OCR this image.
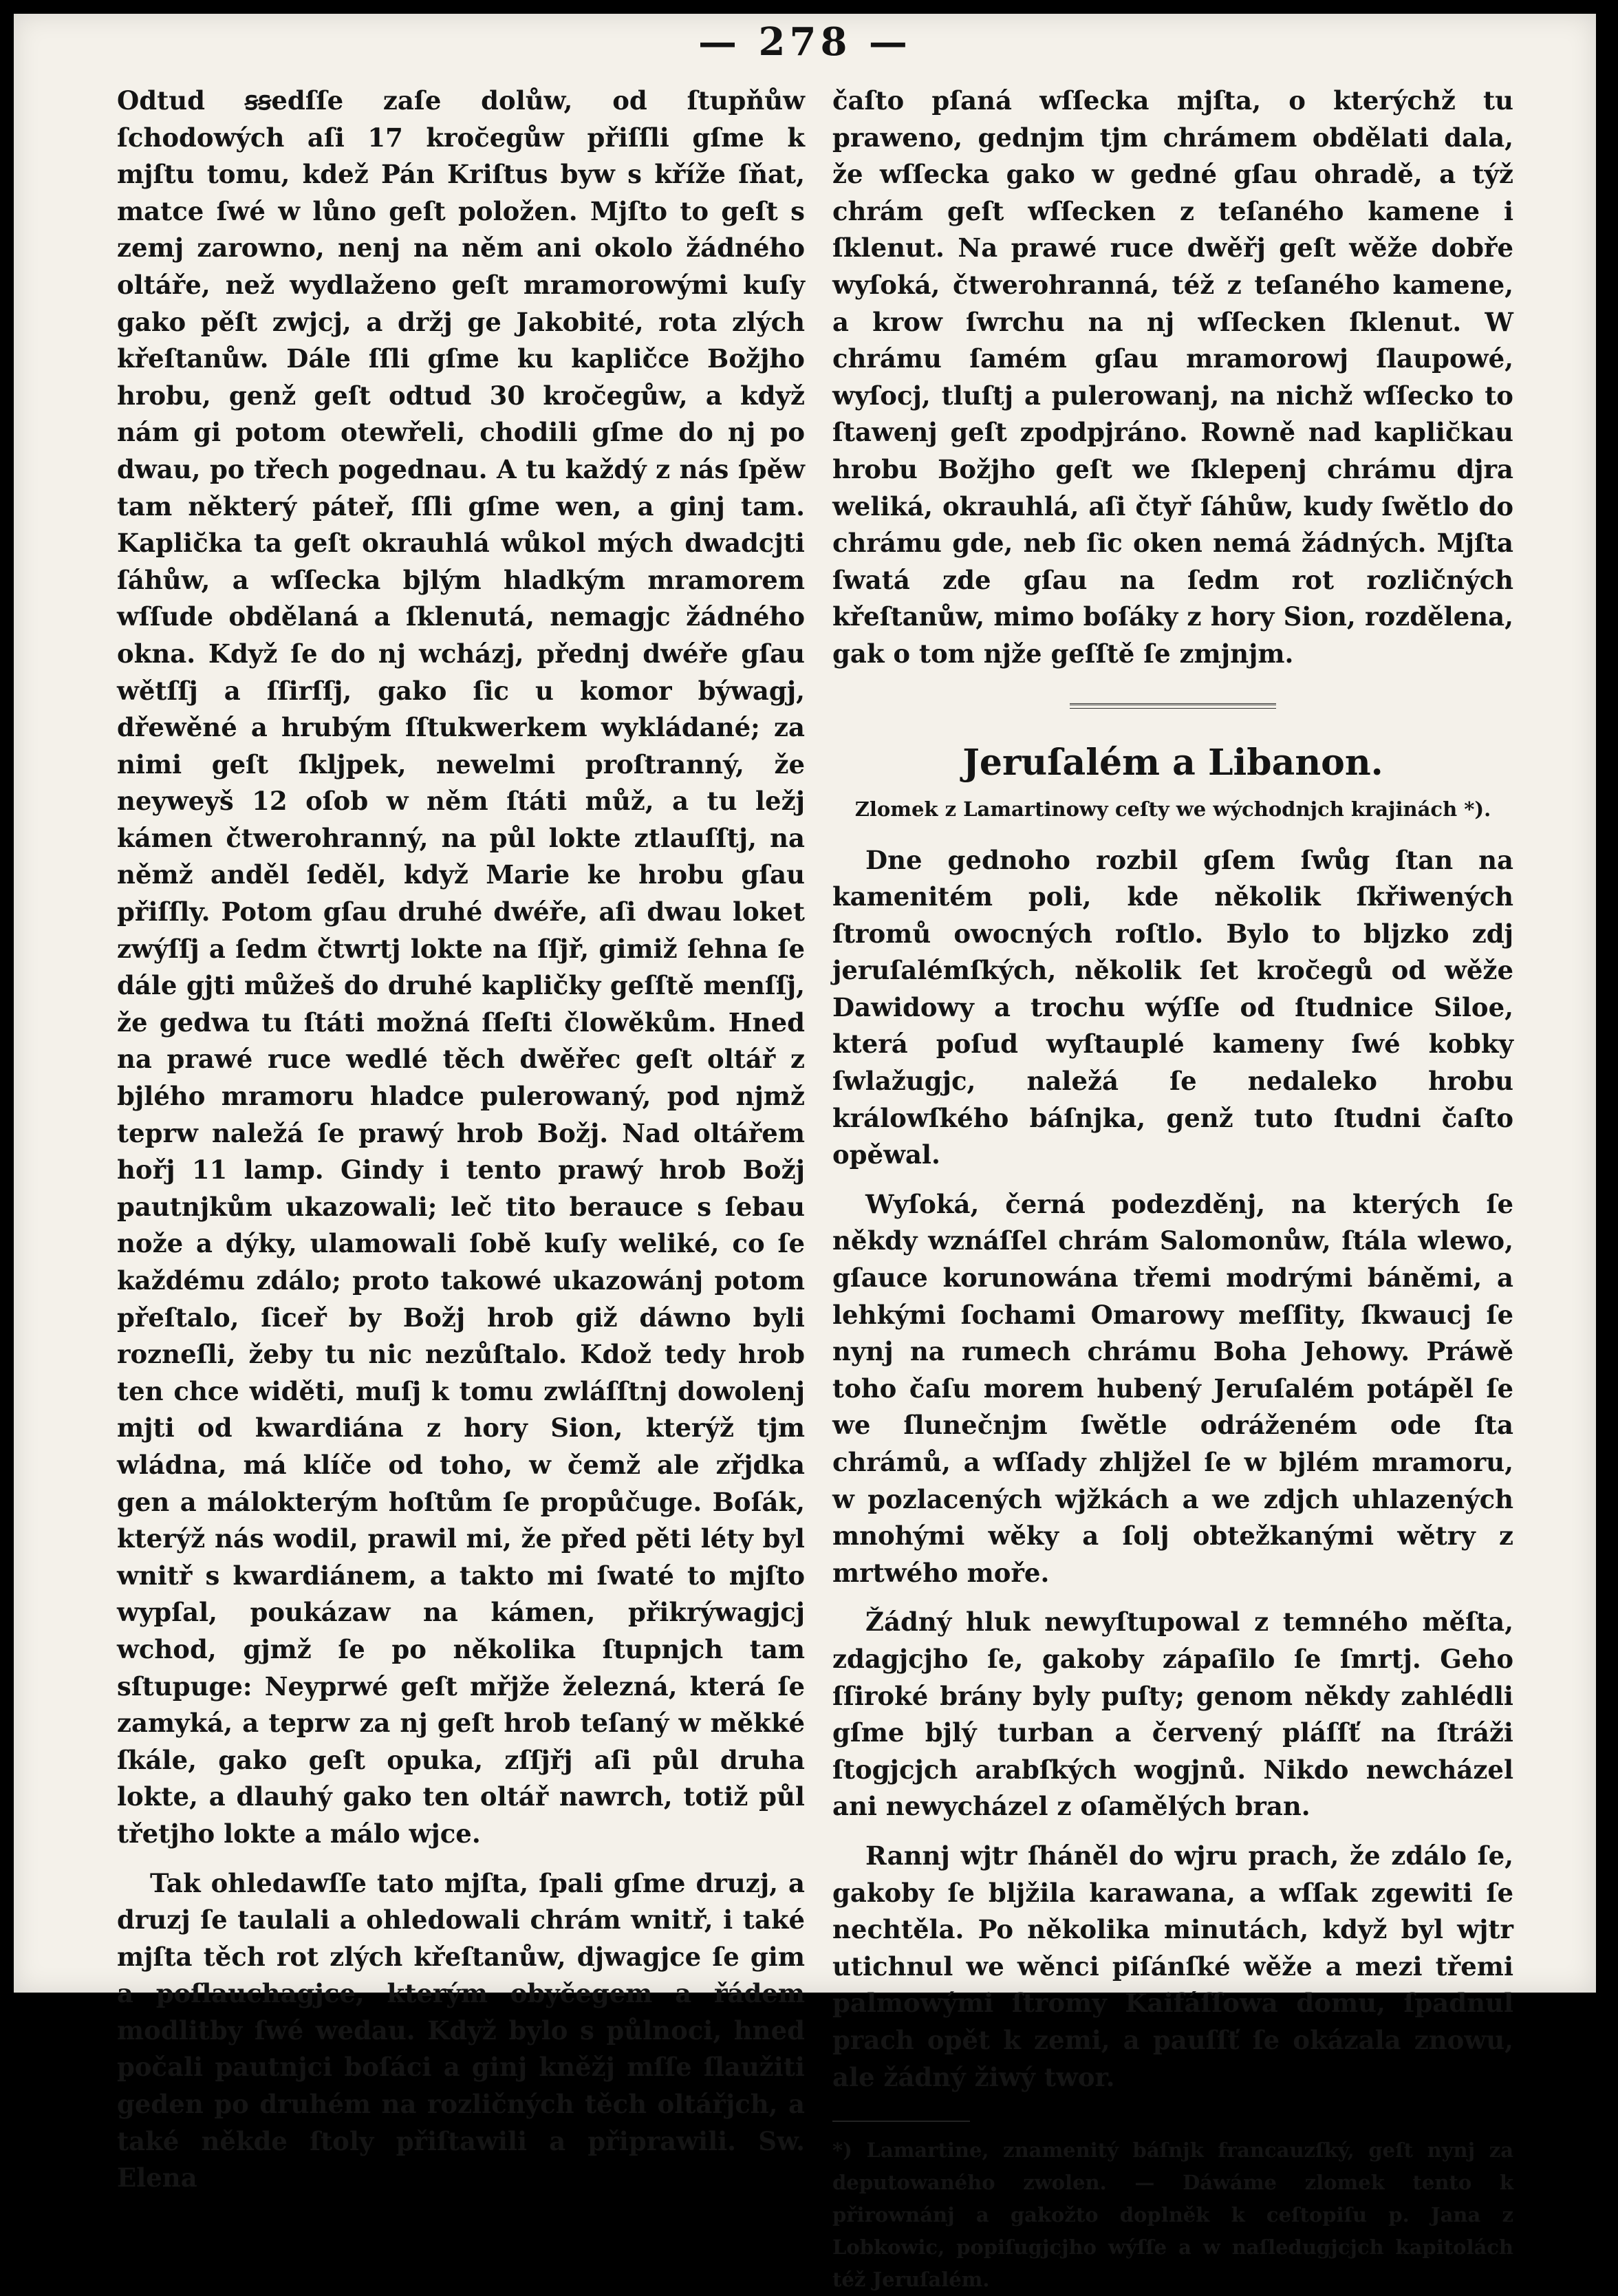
— 278 —

Odtud ꞩꞩedſſe zaſe dolůw, od ſtupňůw ſchodowých aſi 17 kroc̆egůw přiſſli gſme k mjſtu tomu, kdež Pán Kriſtus byw s kříže ſňat, matce ſwé w lůno geſt položen. Mjſto to geſt s zemj zarowno, nenj na něm ani okolo žádného oltáře, než wydlaženo geſt mramorowými kuſy gako pěſt zwjcj, a držj ge Jakobité, rota zlých křeſtanůw. Dále ſſli gſme ku kapličce Božjho hrobu, genž geſt odtud 30 kroc̆egůw, a když nám gi potom otewřeli, chodili gſme do nj po dwau, po třech pogednau. A tu každý z nás ſpěw tam některý páteř, ſſli gſme wen, a ginj tam. Kaplic̆ka ta geſt okrauhlá wůkol mých dwadcjti ſáhůw, a wſſecka bjlým hladkým mramorem wſſude obdělaná a ſklenutá, nemagjc žádného okna. Když ſe do nj wcházj, přednj dwéře gſau wětſſj a ſſirſſj, gako ſic u komor býwagj, dřewěné a hrubým ſſtukwerkem wykládané; za nimi geſt ſkljpek, newelmi proſtranný, že neyweyš 12 oſob w něm ſtáti můž, a tu ležj kámen čtwerohranný, na půl lokte ztlauſſtj, na němž anděl ſeděl, když Marie ke hrobu gſau přiſſly. Potom gſau druhé dwéře, aſi dwau loket zwýſſj a ſedm čtwrtj lokte na ſſjř, gimiž ſehna ſe dále gjti můžeš do druhé kapličky geſſtě menſſj, že gedwa tu ſtáti možná ſſeſti člowěkům. Hned na prawé ruce wedlé těch dwěřec geſt oltář z bjlého mramoru hladce pulerowaný, pod njmž teprw naležá ſe prawý hrob Božj. Nad oltářem hořj 11 lamp. Gindy i tento prawý hrob Božj pautnjkům ukazowali; leč tito berauce s ſebau nože a dýky, ulamowali ſobě kuſy weliké, co ſe každému zdálo; proto takowé ukazowánj potom přeſtalo, ſiceř by Božj hrob giž dáwno byli rozneſli, žeby tu nic nezůſtalo. Kdož tedy hrob ten chce widěti, muſj k tomu zwláſſtnj dowolenj mjti od kwardiána z hory Sion, kterýž tjm wládna, má klíče od toho, w čemž ale zřjdka gen a málokterým hoſtům ſe propůčuge. Boſák, kterýž nás wodil, prawil mi, že před pěti léty byl wnitř s kwardiánem, a takto mi ſwaté to mjſto wypſal, poukázaw na kámen, přikrýwagjcj wchod, gjmž ſe po několika ſtupnjch tam sſtupuge: Neyprwé geſt mřjže železná, která ſe zamyká, a teprw za nj geſt hrob teſaný w měkké ſkále, gako geſt opuka, zſſjřj aſi půl druha lokte, a dlauhý gako ten oltář nawrch, totiž půl třetjho lokte a málo wjce.

Tak ohledawſſe tato mjſta, ſpali gſme druzj, a druzj ſe taulali a ohledowali chrám wnitř, i také mjſta těch rot zlých křeſtanůw, djwagjce ſe gim a poſlauchagjce, kterým obyčegem a řádem modlitby ſwé wedau. Když bylo s půlnoci, hned počali pautnjci boſáci a ginj kněžj mſſe ſlaužiti geden po druhém na rozličných těch oltářjch, a také někde ſtoly přiſtawili a připrawili. Sw. Elena

čaſto pſaná wſſecka mjſta, o kterýchž tu praweno, gednjm tjm chrámem obdělati dala, že wſſecka gako w gedné gſau ohradě, a týž chrám geſt wſſecken z teſaného kamene i ſklenut. Na prawé ruce dwěřj geſt wěže dobře wyſoká, čtwerohranná, též z teſaného kamene, a krow ſwrchu na nj wſſecken ſklenut. W chrámu ſamém gſau mramorowj ſlaupowé, wyſocj, tluſtj a pulerowanj, na nichž wſſecko to ſtawenj geſt zpodpjráno. Rowně nad kaplic̆kau hrobu Božjho geſt we ſklepenj chrámu djra weliká, okrauhlá, aſi čtyř ſáhůw, kudy ſwětlo do chrámu gde, neb ſic oken nemá žádných. Mjſta ſwatá zde gſau na ſedm rot rozličných křeſtanůw, mimo boſáky z hory Sion, rozdělena, gak o tom njže geſſtě ſe zmjnjm.

Jeruſalém a Libanon.
Zlomek z Lamartinowy ceſty we wýchodnjch krajinách *).

Dne gednoho rozbil gſem ſwůg ſtan na kamenitém poli, kde několik ſkřiwených ſtromů owocných roſtlo. Bylo to bljzko zdj jeruſalémſkých, několik ſet kroc̆egů od wěže Dawidowy a trochu wýſſe od ſtudnice Siloe, která poſud wyſtauplé kameny ſwé kobky ſwlažugjc, naležá ſe nedaleko hrobu králowſkého báſnjka, genž tuto ſtudni čaſto opěwal.

Wyſoká, černá podezděnj, na kterých ſe někdy wznáſſel chrám Salomonůw, ſtála wlewo, gſauce korunowána třemi modrými báněmi, a lehkými ſochami Omarowy meſſity, ſkwaucj ſe nynj na rumech chrámu Boha Jehowy. Práwě toho čaſu morem hubený Jeruſalém potápěl ſe we ſlunečnjm ſwětle odráženém ode ſta chrámů, a wſſady zhljžel ſe w bjlém mramoru, w pozlacených wjžkách a we zdjch uhlazených mnohými wěky a ſolj obtežkanými wětry z mrtwého moře.

Žádný hluk newyſtupowal z temného měſta, zdagjcjho ſe, gakoby zápaſilo ſe ſmrtj. Geho ſſiroké brány byly puſty; genom někdy zahlédli gſme bjlý turban a červený pláſſť na ſtráži ſtogjcjch arabſkých wogjnů. Nikdo newcházel ani newycházel z oſamělých bran.

Rannj wjtr ſháněl do wjru prach, že zdálo ſe, gakoby ſe bljžila karawana, a wſſak zgewiti ſe nechtěla. Po několika minutách, když byl wjtr utichnul we wěnci piſánſké wěže a mezi třemi palmowými ſtromy Kaifáſſowa domu, ſpadnul prach opět k zemi, a pauſſť ſe okázala znowu, ale žádný žiwý twor.

*) Lamartine, znamenitý báſnjk francauzſký, geſt nynj za deputowaného zwolen. — Dáwáme zlomek tento k přirownánj a gakožto doplněk k ceſtopiſu p. Jana z Lobkowic, popiſugjcjho wýſſe a w naſledugjcjch kapitolách též Jeruſalém.
